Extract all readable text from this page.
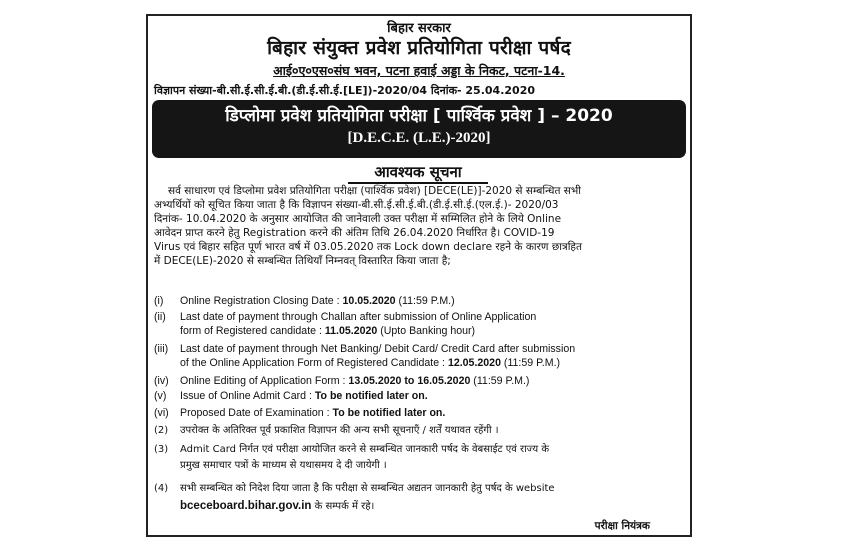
बिहार सरकार
बिहार संयुक्त प्रवेश प्रतियोगिता परीक्षा पर्षद
आई०ए०एस०संघ भवन, पटना हवाई अड्डा के निकट, पटना-14.
विज्ञापन संख्या-बी.सी.ई.सी.ई.बी.(डी.ई.सी.ई.[LE])-2020/04 दिनांक- 25.04.2020
डिप्लोमा प्रवेश प्रतियोगिता परीक्षा [ पार्श्विक प्रवेश ] – 2020
[D.E.C.E. (L.E.)-2020]
आवश्यक सूचना
सर्व साधारण एवं डिप्लोमा प्रवेश प्रतियोगिता परीक्षा (पार्श्विक प्रवेश) [DECE(LE)]-2020 से सम्बन्धित सभी
अभ्यर्थियों को सूचित किया जाता है कि विज्ञापन संख्या-बी.सी.ई.सी.ई.बी.(डी.ई.सी.ई.(एल.ई.)- 2020/03
दिनांक- 10.04.2020 के अनुसार आयोजित की जानेवाली उक्त परीक्षा में सम्मिलित होने के लिये Online
आवेदन प्राप्त करने हेतु Registration करने की अंतिम तिथि 26.04.2020 निर्धारित है। COVID-19
Virus एवं बिहार सहित पूर्ण भारत वर्ष में 03.05.2020 तक Lock down declare रहने के कारण छात्रहित
में DECE(LE)-2020 से सम्बन्धित तिथियाँ निम्नवत् विस्तारित किया जाता है;
(i) Online Registration Closing Date : 10.05.2020 (11:59 P.M.)
(ii) Last date of payment through Challan after submission of Online Application
form of Registered candidate : 11.05.2020 (Upto Banking hour)
(iii) Last date of payment through Net Banking/ Debit Card/ Credit Card after submission
of the Online Application Form of Registered Candidate : 12.05.2020 (11:59 P.M.)
(iv) Online Editing of Application Form : 13.05.2020 to 16.05.2020 (11:59 P.M.)
(v) Issue of Online Admit Card : To be notified later on.
(vi) Proposed Date of Examination : To be notified later on.
(2) उपरोक्त के अतिरिक्त पूर्व प्रकाशित विज्ञापन की अन्य सभी सूचनाएँ / शर्तें यथावत रहेंगी ।
(3) Admit Card निर्गत एवं परीक्षा आयोजित करने से सम्बन्धित जानकारी पर्षद के वेबसाईट एवं राज्य के
प्रमुख समाचार पत्रों के माध्यम से यथासमय दे दी जायेगी ।
(4) सभी सम्बन्धित को निदेश दिया जाता है कि परीक्षा से सम्बन्धित अद्यतन जानकारी हेतु पर्षद के website
bceceboard.bihar.gov.in के सम्पर्क में रहे।
परीक्षा नियंत्रक
